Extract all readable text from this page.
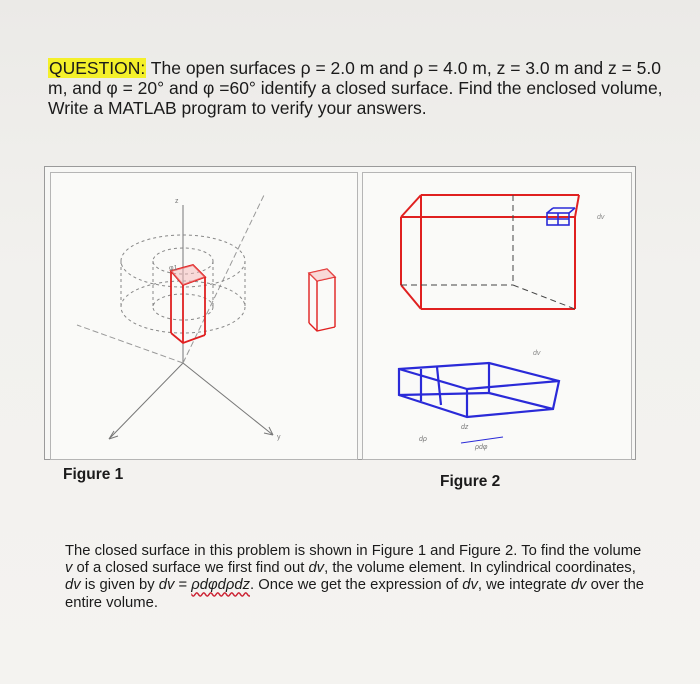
QUESTION: The open surfaces ρ = 2.0 m and ρ = 4.0 m, z = 3.0 m and z = 5.0 m, and φ = 20° and φ =60° identify a closed surface. Find the enclosed volume, Write a MATLAB program to verify your answers.
φ1
z
y
dv
dv
dz
dρ
ρdφ
Figure 1	Figure 2
The closed surface in this problem is shown in Figure 1 and Figure 2. To find the volume v of a closed surface we first find out dv, the volume element. In cylindrical coordinates, dv is given by dv = ρdφdρdz. Once we get the expression of dv, we integrate dv over the entire volume.
